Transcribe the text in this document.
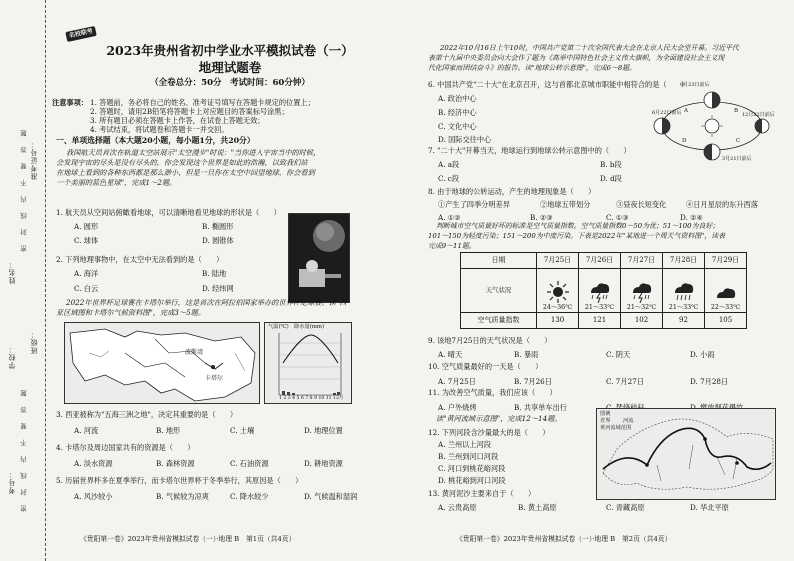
考号：
学校：
姓名：
准考证号：
班级：
密封线内不要答题
密封线内不要答题
名校联考
2023年贵州省初中学业水平模拟试卷（一）
地理试题卷
（全卷总分：50分　考试时间：60分钟）
注意事项： 1. 答题前，务必将自己的姓名、准考证号填写在答题卡规定的位置上；
2. 答题时，请用2B铅笔将答题卡上对应题目的答案标号涂黑；
3. 所有题目必须在答题卡上作答，在试卷上答题无效；
4. 考试结束，将试题卷和答题卡一并交回。
一、单项选择题（本大题20小题，每小题1分，共20分）
我国航天员首次在轨道太空站展示"太空漫步"时说："当你进入宇宙当中的时候，
会发现宇宙的尽头是没有尽头的，你会发现这个世界是如此的浩瀚，以致我们站
在地球上看到的各种东西都是那么渺小，但是一旦你在太空中回望地球，你会看到
一个美丽的蓝色星球"，完成1～2题。
1. 航天员从空间站俯瞰看地球，可以清晰地看见地球的形状是（　　）
A. 圆形	B. 椭圆形
C. 球体	D. 圆锥体
2. 下列地理事物中，在太空中无法看到的是（　　）
A. 海洋	B. 陆地
C. 白云	D. 经纬网
2022年世界杯足球赛在卡塔尔举行，这是首次在阿拉伯国家举办的世界杯足球赛。读"西
亚区域图和卡塔尔气候资料图"，完成3～5题。
卡塔尔
波斯湾
气温(℃)　降水量(mm)
1 2 3 4 5 6 7 8 9 10 11 12月
3. 西亚被称为"五海三洲之地"，决定其重要的是（　　）
A. 河流	B. 地形	C. 土壤	D. 地理位置
4. 卡塔尔及周边国家共有的资源是（　　）
A. 淡水资源	B. 森林资源	C. 石油资源	D. 耕地资源
5. 历届世界杯多在夏季举行，而卡塔尔世界杯于冬季举行，其原因是（　　）
A. 风沙较小	B. 气候较为凉爽	C. 降水较少	D. 气候温和湿润
《贵阳第一卷》2023年贵州省模拟试卷（一）·地理 B　第1页（共4页）
2022年10月16日上午10时，中国共产党第二十次全国代表大会在北京人民大会堂开幕。习近平代
表第十九届中央委员会向大会作了题为《高举中国特色社会主义伟大旗帜，为全面建设社会主义现
代化国家而团结奋斗》的报告。读"地球公转示意图"，完成6～8题。
6. 中国共产党"二十大"在北京召开，这与首都北京城市职能中相符合的是（　　）
A. 政治中心
B. 经济中心
C. 文化中心
D. 国际交往中心
9月23日前后
6月22日前后	12月22日前后
3月21日前后
A	B
C
D
7. "二十大"开幕当天，地球运行到地球公转示意图中的（　　）
A. a段	B. b段
C. c段	D. d段
8. 由于地球的公转运动，产生的地理现象是（　　）
①产生了四季分明差异	②地球五带划分	③昼夜长短变化	④日月星辰的东升西落
A. ①②	B. ②③	C. ①③	D. ②④
判断城市空气质量好坏的标准是空气质量指数。空气质量指数0～50为优；51～100为良好；
101～150为轻度污染；151～200为中度污染。下表是2022年"某地进一个周天气资料图"，读表
完成9～11题。
日期	7月25日	7月26日	7月27日	7月28日	7月29日
天气状况	24～36℃	21～33℃	21～32℃	21～33℃	22～33℃
空气质量指数	130	121	102	92	105
9. 该地7月25日的天气状况是（　　）
A. 晴天	B. 暴雨	C. 阴天	D. 小雨
10. 空气质量最好的一天是（　　）
A. 7月25日	B. 7月26日	C. 7月27日	D. 7月28日
11. 为改善空气质量，我们应该（　　）
A. 户外烧烤	B. 共享单车出行
读"黄河流域示意图"，完成12～14题。	图例
省界 河流
黄河流域范围
12. 下列河段含沙量最大的是（　　）
A. 兰州以上河段
B. 兰州到河口河段
C. 河口到桃花峪河段
D. 桃花峪到河口河段
13. 黄河泥沙主要来自于（　　）
A. 云贵高原	B. 黄土高原	C. 青藏高原	D. 华北平原
《贵阳第一卷》2023年贵州省模拟试卷（一）·地理 B　第2页（共4页）
